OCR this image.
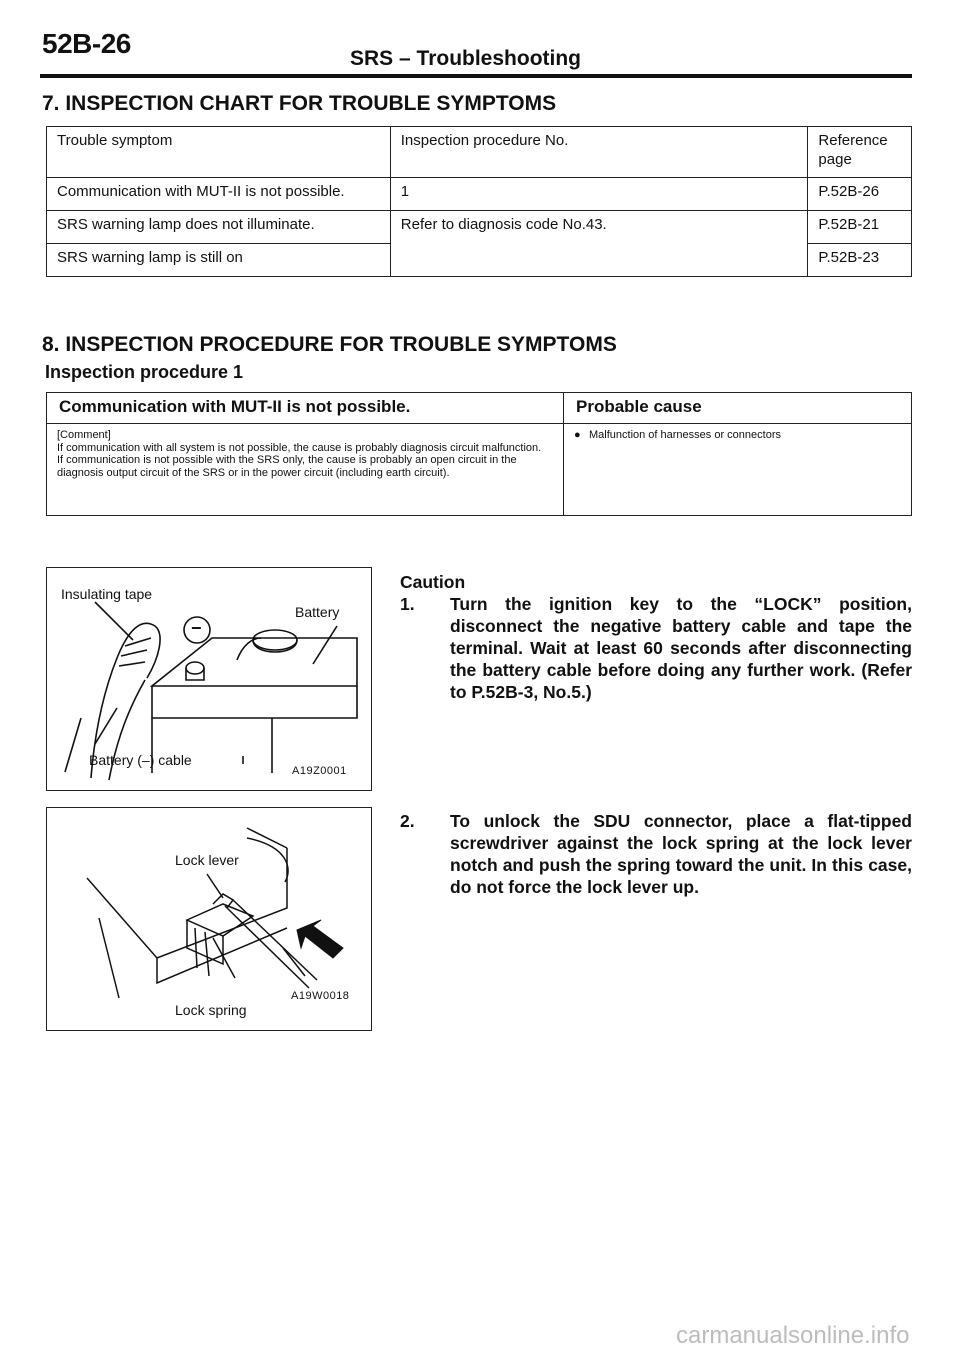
52B-26	SRS – Troubleshooting
7. INSPECTION CHART FOR TROUBLE SYMPTOMS
Trouble symptom	Inspection procedure No.	Reference page
Communication with MUT-II is not possible.	1	P.52B-26
SRS warning lamp does not illuminate.	Refer to diagnosis code No.43.	P.52B-21
SRS warning lamp is still on		P.52B-23
8. INSPECTION PROCEDURE FOR TROUBLE SYMPTOMS
Inspection procedure 1
Communication with MUT-II is not possible.	Probable cause

[Comment]
If communication with all system is not possible, the cause is probably diagnosis circuit malfunction.
If communication is not possible with the SRS only, the cause is probably an open circuit in the diagnosis output circuit of the SRS or in the power circuit (including earth circuit).	● Malfunction of harnesses or connectors
Insulating tape
Battery
Battery (–) cable
−
A19Z0001
Lock lever
Lock spring
A19W0018
Caution
1. Turn the ignition key to the “LOCK” position, disconnect the negative battery cable and tape the terminal. Wait at least 60 seconds after disconnecting the battery cable before doing any further work. (Refer to P.52B-3, No.5.)
2. To unlock the SDU connector, place a flat-tipped screwdriver against the lock spring at the lock lever notch and push the spring toward the unit. In this case, do not force the lock lever up.
carmanualsonline.info
